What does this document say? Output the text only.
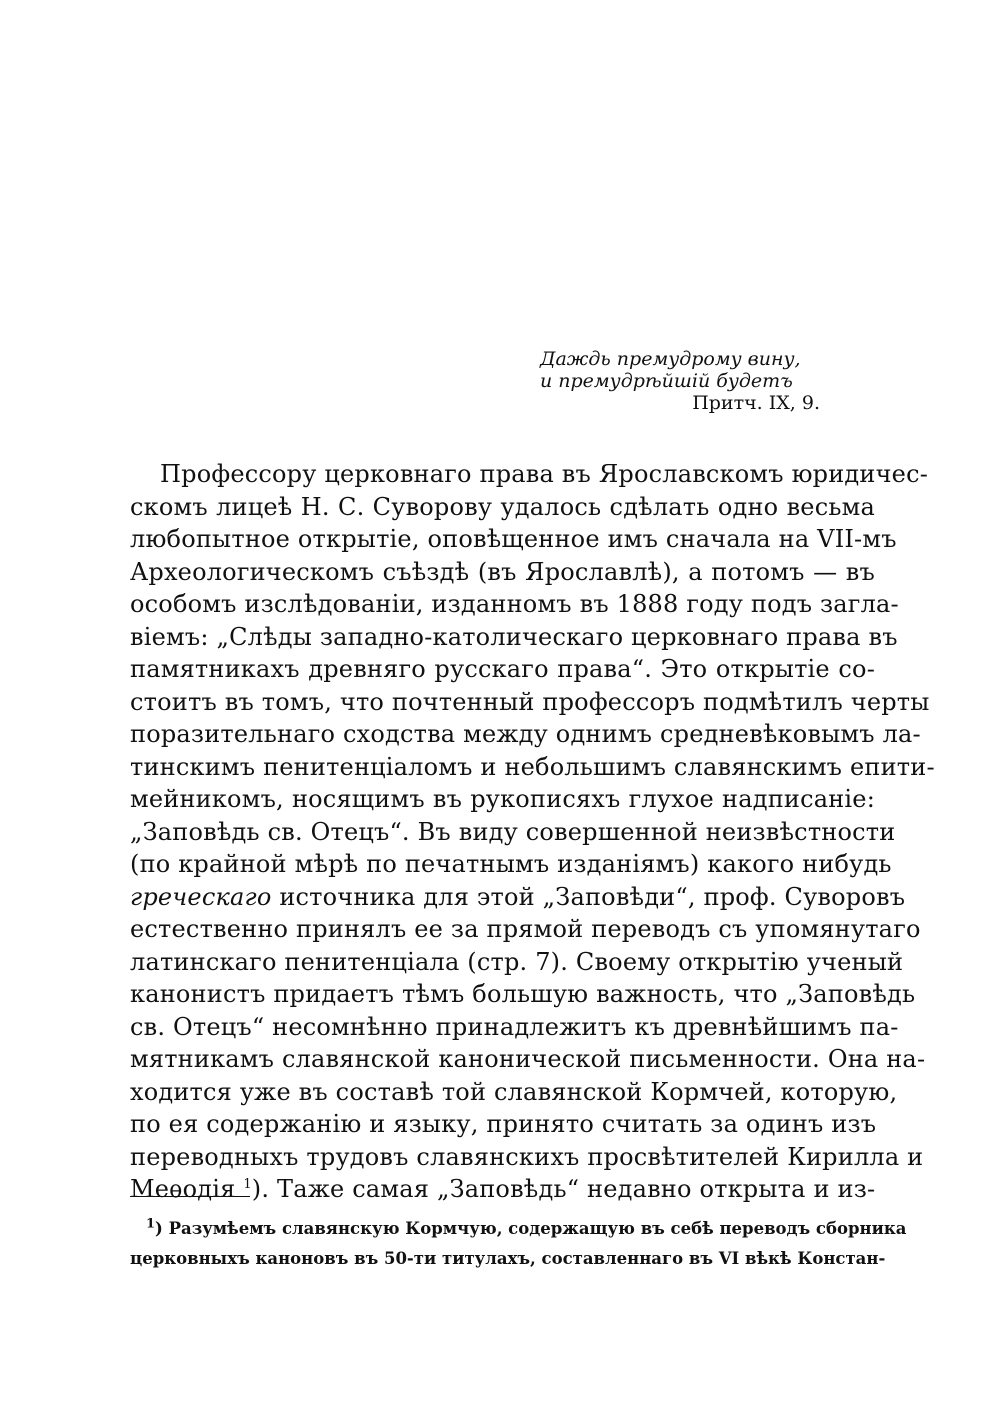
Даждь премудрому вину,
и премудрѣйшій будетъ
Притч. IX, 9.
Профессору церковнаго права въ Ярославскомъ юридичес-
скомъ лицеѣ Н. С. Суворову удалось сдѣлать одно весьма
любопытное открытіе, оповѣщенное имъ сначала на VII-мъ
Археологическомъ съѣздѣ (въ Ярославлѣ), а потомъ — въ
особомъ изслѣдованіи, изданномъ въ 1888 году подъ загла-
віемъ: „Слѣды западно-католическаго церковнаго права въ
памятникахъ древняго русскаго права“. Это открытіе со-
стоитъ въ томъ, что почтенный профессоръ подмѣтилъ черты
поразительнаго сходства между однимъ средневѣковымъ ла-
тинскимъ пенитенціаломъ и небольшимъ славянскимъ епити-
мейникомъ, носящимъ въ рукописяхъ глухое надписаніе:
„Заповѣдь св. Отецъ“. Въ виду совершенной неизвѣстности
(по крайной мѣрѣ по печатнымъ изданіямъ) какого нибудь
греческаго источника для этой „Заповѣди“, проф. Суворовъ
естественно принялъ ее за прямой переводъ съ упомянутаго
латинскаго пенитенціала (стр. 7). Своему открытію ученый
канонистъ придаетъ тѣмъ большую важность, что „Заповѣдь
св. Отецъ“ несомнѣнно принадлежитъ къ древнѣйшимъ па-
мятникамъ славянской канонической письменности. Она на-
ходится уже въ составѣ той славянской Кормчей, которую,
по ея содержанію и языку, принято считать за одинъ изъ
переводныхъ трудовъ славянскихъ просвѣтителей Кирилла и
Меѳодія $^1$). Таже самая „Заповѣдь“ недавно открыта и из-
$^1$) Разумѣемъ славянскую Кормчую, содержащую въ себѣ переводъ сборника
церковныхъ каноновъ въ 50-ти титулахъ, составленнаго въ VI вѣкѣ Констан-
